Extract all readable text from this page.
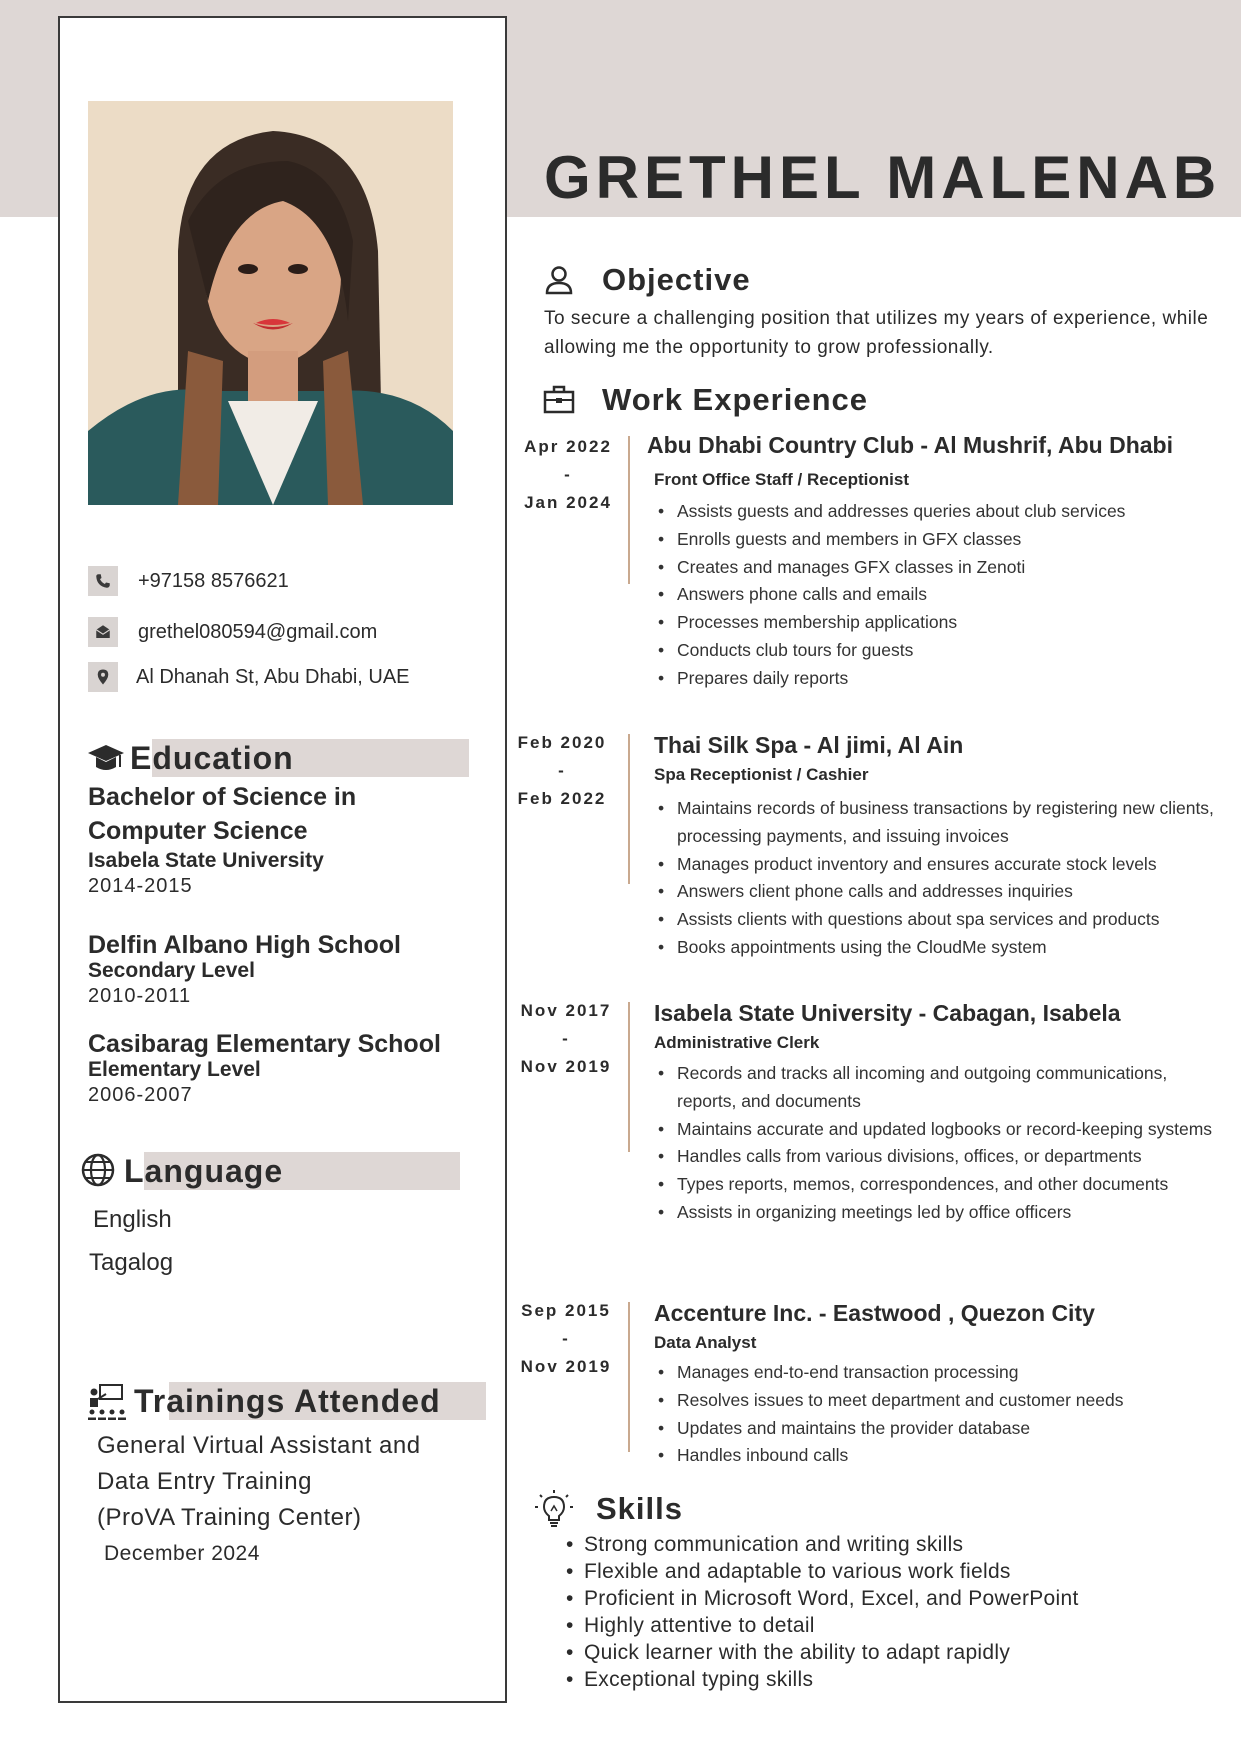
+97158 8576621
grethel080594@gmail.com
Al Dhanah St, Abu Dhabi, UAE
Education
Bachelor of Science in
Computer Science
Isabela State University
2014-2015
Delfin Albano High School
Secondary Level
2010-2011
Casibarag Elementary School
Elementary Level
2006-2007
Language
English
Tagalog
Trainings Attended
General Virtual Assistant and
Data Entry Training
(ProVA Training Center)
December 2024
GRETHEL MALENAB
Objective
To secure a challenging position that utilizes my years of experience, while allowing me the opportunity to grow professionally.
Work Experience
Apr 2022
-
Jan 2024
Abu Dhabi Country Club - Al Mushrif, Abu Dhabi
Front Office Staff / Receptionist
• Assists guests and addresses queries about club services
• Enrolls guests and members in GFX classes
• Creates and manages GFX classes in Zenoti
• Answers phone calls and emails
• Processes membership applications
• Conducts club tours for guests
• Prepares daily reports
Feb 2020
-
Feb 2022
Thai Silk Spa - Al jimi, Al Ain
Spa Receptionist / Cashier
• Maintains records of business transactions by registering new clients, processing payments, and issuing invoices
• Manages product inventory and ensures accurate stock levels
• Answers client phone calls and addresses inquiries
• Assists clients with questions about spa services and products
• Books appointments using the CloudMe system
Nov 2017
-
Nov 2019
Isabela State University - Cabagan, Isabela
Administrative Clerk
• Records and tracks all incoming and outgoing communications, reports, and documents
• Maintains accurate and updated logbooks or record-keeping systems
• Handles calls from various divisions, offices, or departments
• Types reports, memos, correspondences, and other documents
• Assists in organizing meetings led by office officers
Sep 2015
-
Nov 2019
Accenture Inc. - Eastwood , Quezon City
Data Analyst
• Manages end-to-end transaction processing
• Resolves issues to meet department and customer needs
• Updates and maintains the provider database
• Handles inbound calls
Skills
• Strong communication and writing skills
• Flexible and adaptable to various work fields
• Proficient in Microsoft Word, Excel, and PowerPoint
• Highly attentive to detail
• Quick learner with the ability to adapt rapidly
• Exceptional typing skills
